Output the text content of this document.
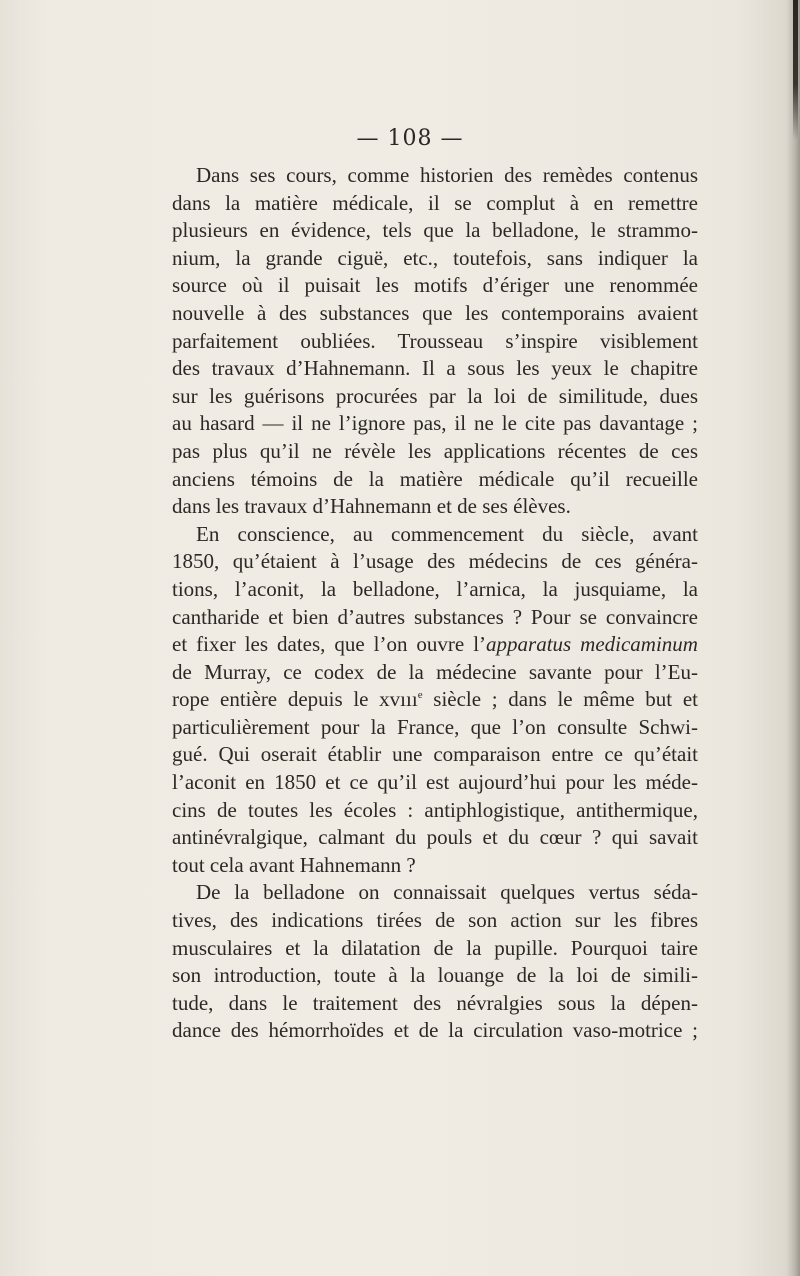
— 108 —
Dans ses cours, comme historien des remèdes contenus
dans la matière médicale, il se complut à en remettre
plusieurs en évidence, tels que la belladone, le strammo-
nium, la grande ciguë, etc., toutefois, sans indiquer la
source où il puisait les motifs d’ériger une renommée
nouvelle à des substances que les contemporains avaient
parfaitement oubliées. Trousseau s’inspire visiblement
des travaux d’Hahnemann. Il a sous les yeux le chapitre
sur les guérisons procurées par la loi de similitude, dues
au hasard — il ne l’ignore pas, il ne le cite pas davantage ;
pas plus qu’il ne révèle les applications récentes de ces
anciens témoins de la matière médicale qu’il recueille
dans les travaux d’Hahnemann et de ses élèves.
En conscience, au commencement du siècle, avant
1850, qu’étaient à l’usage des médecins de ces généra-
tions, l’aconit, la belladone, l’arnica, la jusquiame, la
cantharide et bien d’autres substances ? Pour se convaincre
et fixer les dates, que l’on ouvre l’apparatus medicaminum
de Murray, ce codex de la médecine savante pour l’Eu-
rope entière depuis le xvııı$^e$ siècle ; dans le même but et
particulièrement pour la France, que l’on consulte Schwi-
gué. Qui oserait établir une comparaison entre ce qu’était
l’aconit en 1850 et ce qu’il est aujourd’hui pour les méde-
cins de toutes les écoles : antiphlogistique, antithermique,
antinévralgique, calmant du pouls et du cœur ? qui savait
tout cela avant Hahnemann ?
De la belladone on connaissait quelques vertus séda-
tives, des indications tirées de son action sur les fibres
musculaires et la dilatation de la pupille. Pourquoi taire
son introduction, toute à la louange de la loi de simili-
tude, dans le traitement des névralgies sous la dépen-
dance des hémorrhoïdes et de la circulation vaso-motrice ;
